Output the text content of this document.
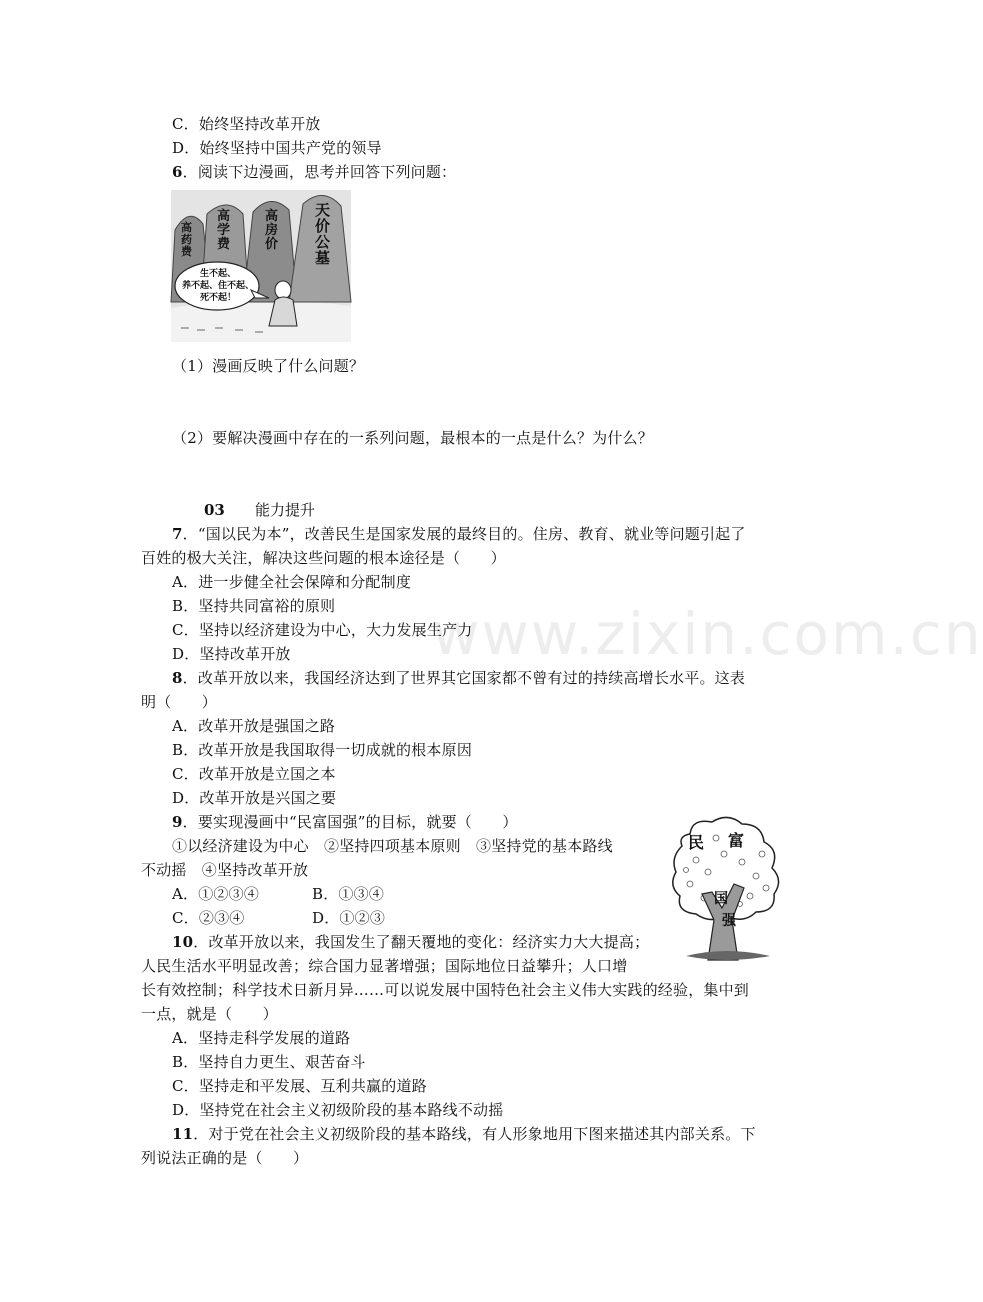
www.zixin.com.cn
C．始终坚持改革开放
D．始终坚持中国共产党的领导
6．阅读下边漫画，思考并回答下列问题：
高药费
高学费
高房价
天价公墓
生不起、
养不起、住不起、
死不起！
（1）漫画反映了什么问题？
（2）要解决漫画中存在的一系列问题，最根本的一点是什么？为什么？
03 能力提升
7．“国以民为本”，改善民生是国家发展的最终目的。住房、教育、就业等问题引起了
百姓的极大关注，解决这些问题的根本途径是（　　）
A．进一步健全社会保障和分配制度
B．坚持共同富裕的原则
C．坚持以经济建设为中心，大力发展生产力
D．坚持改革开放
8．改革开放以来，我国经济达到了世界其它国家都不曾有过的持续高增长水平。这表
明（　　）
A．改革开放是强国之路
B．改革开放是我国取得一切成就的根本原因
C．改革开放是立国之本
D．改革开放是兴国之要
9．要实现漫画中“民富国强”的目标，就要（　　）
①以经济建设为中心　②坚持四项基本原则　③坚持党的基本路线
不动摇　④坚持改革开放
A．①②③④	B．①③④
C．②③④	D．①②③
民 富
国
强
10．改革开放以来，我国发生了翻天覆地的变化：经济实力大大提高；
人民生活水平明显改善；综合国力显著增强；国际地位日益攀升；人口增
长有效控制；科学技术日新月异……可以说发展中国特色社会主义伟大实践的经验，集中到
一点，就是（　　）
A．坚持走科学发展的道路
B．坚持自力更生、艰苦奋斗
C．坚持走和平发展、互利共赢的道路
D．坚持党在社会主义初级阶段的基本路线不动摇
11．对于党在社会主义初级阶段的基本路线，有人形象地用下图来描述其内部关系。下
列说法正确的是（　　）
